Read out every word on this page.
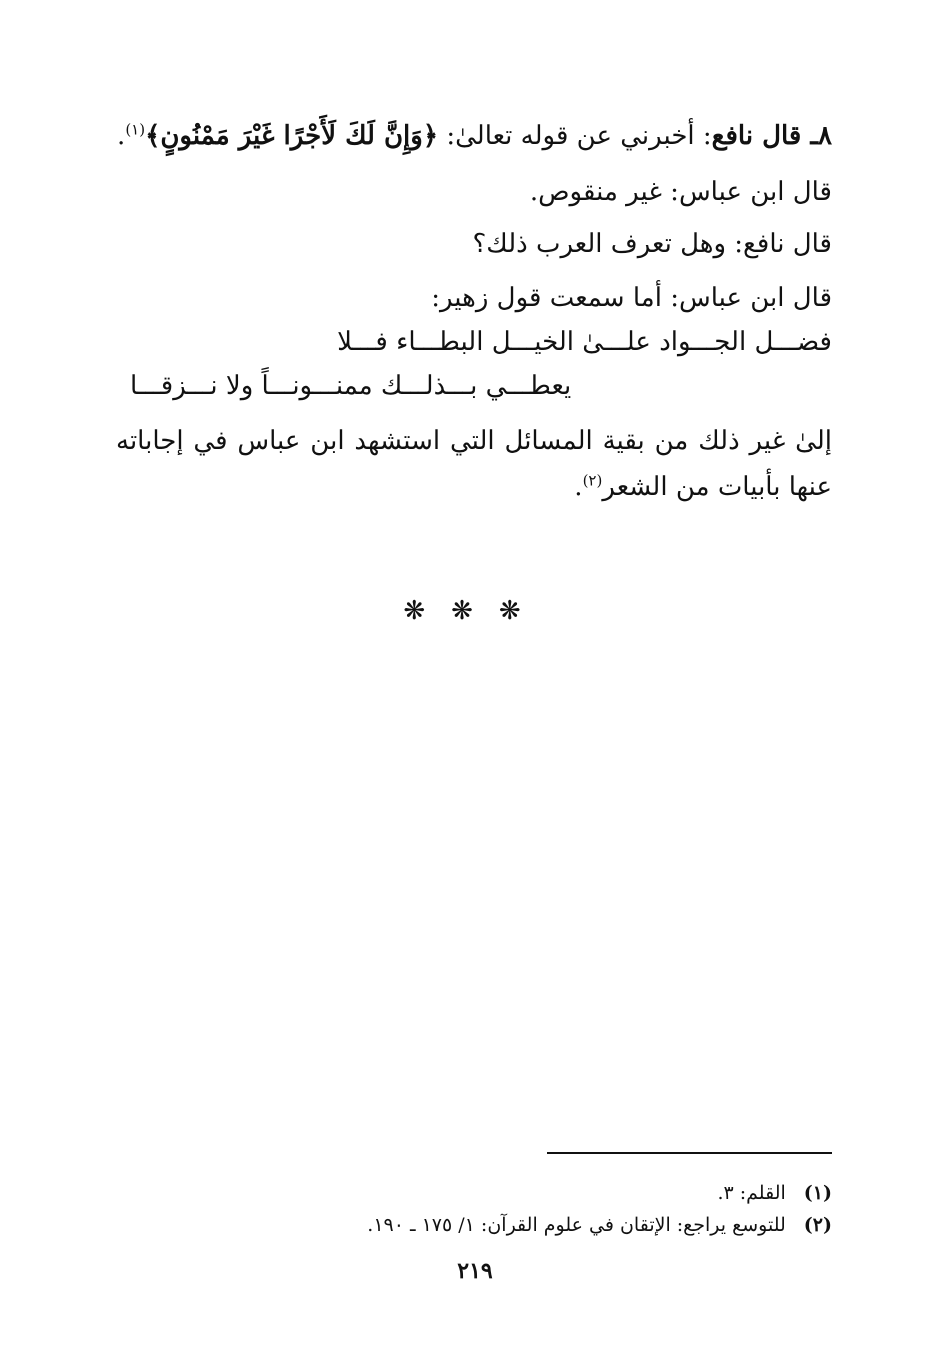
٨ـ قال نافع: أخبرني عن قوله تعالىٰ: ﴿وَإِنَّ لَكَ لَأَجْرًا غَيْرَ مَمْنُونٍ﴾$^{(١)}$.
قال ابن عباس: غير منقوص.
قال نافع: وهل تعرف العرب ذلك؟
قال ابن عباس: أما سمعت قول زهير:
فضـــل الجـــواد علـــىٰ الخيـــل البطـــاء فـــلا
يعطـــي بـــذلـــك ممنـــونـــاً ولا نـــزقـــا
إلىٰ غير ذلك من بقية المسائل التي استشهد ابن عباس في إجاباته عنها بأبيات من الشعر$^{(٢)}$.
❋❋❋
(١)القلم: ٣.
(٢)للتوسع يراجع: الإتقان في علوم القرآن: ١/ ١٧٥ ـ ١٩٠.
٢١٩
